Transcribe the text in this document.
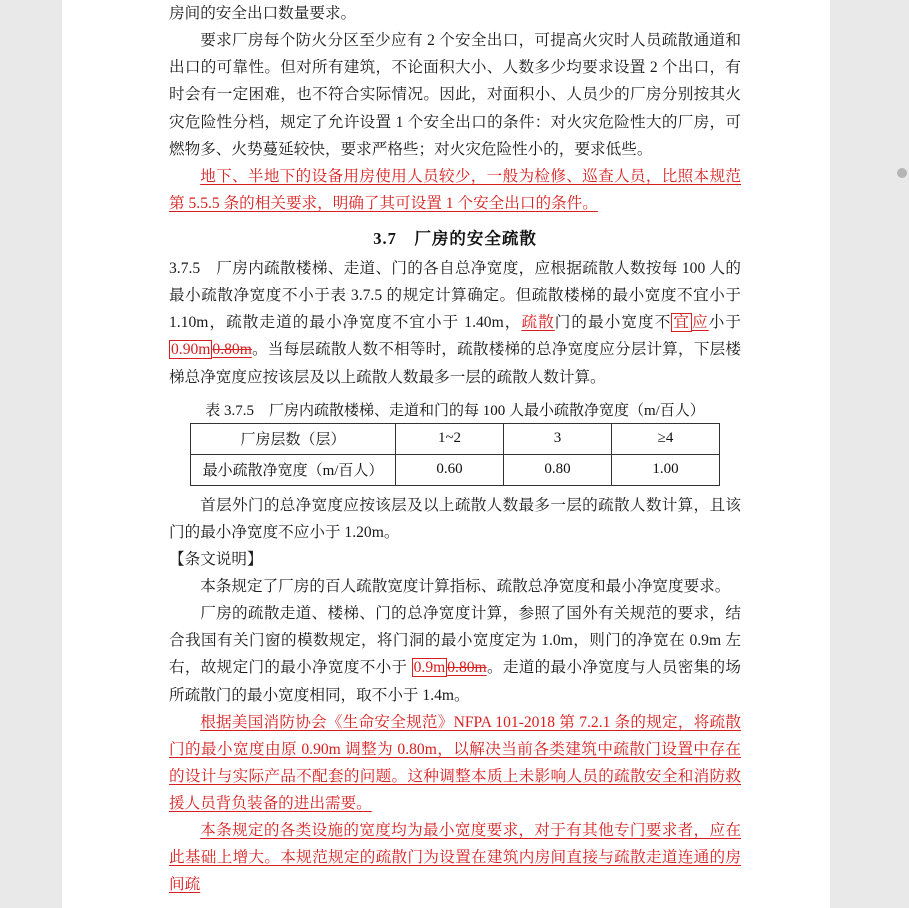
房间的安全出口数量要求。

要求厂房每个防火分区至少应有 2 个安全出口，可提高火灾时人员疏散通道和出口的可靠性。但对所有建筑，不论面积大小、人数多少均要求设置 2 个出口，有时会有一定困难，也不符合实际情况。因此，对面积小、人员少的厂房分别按其火灾危险性分档，规定了允许设置 1 个安全出口的条件：对火灾危险性大的厂房，可燃物多、火势蔓延较快，要求严格些；对火灾危险性小的，要求低些。

地下、半地下的设备用房使用人员较少，一般为检修、巡查人员，比照本规范第 5.5.5 条的相关要求，明确了其可设置 1 个安全出口的条件。

3.7　厂房的安全疏散

3.7.5　厂房内疏散楼梯、走道、门的各自总净宽度，应根据疏散人数按每 100 人的最小疏散净宽度不小于表 3.7.5 的规定计算确定。但疏散楼梯的最小宽度不宜小于 1.10m，疏散走道的最小净宽度不宜小于 1.40m，疏散门的最小宽度不 宜 应小于 0.90m 0.80m。当每层疏散人数不相等时，疏散楼梯的总净宽度应分层计算，下层楼梯总净宽度应按该层及以上疏散人数最多一层的疏散人数计算。

表 3.7.5　厂房内疏散楼梯、走道和门的每 100 人最小疏散净宽度（m/百人）
厂房层数（层）	1~2	3	≥4
最小疏散净宽度（m/百人）	0.60	0.80	1.00

首层外门的总净宽度应按该层及以上疏散人数最多一层的疏散人数计算，且该门的最小净宽度不应小于 1.20m。

【条文说明】

本条规定了厂房的百人疏散宽度计算指标、疏散总净宽度和最小净宽度要求。

厂房的疏散走道、楼梯、门的总净宽度计算，参照了国外有关规范的要求，结合我国有关门窗的模数规定，将门洞的最小宽度定为 1.0m，则门的净宽在 0.9m 左右，故规定门的最小净宽度不小于 0.9m 0.80m。走道的最小净宽度与人员密集的场所疏散门的最小宽度相同，取不小于 1.4m。

根据美国消防协会《生命安全规范》NFPA 101-2018 第 7.2.1 条的规定，将疏散门的最小宽度由原 0.90m 调整为 0.80m，以解决当前各类建筑中疏散门设置中存在的设计与实际产品不配套的问题。这种调整本质上未影响人员的疏散安全和消防救援人员背负装备的进出需要。

本条规定的各类设施的宽度均为最小宽度要求，对于有其他专门要求者，应在此基础上增大。本规范规定的疏散门为设置在建筑内房间直接与疏散走道连通的房间疏
